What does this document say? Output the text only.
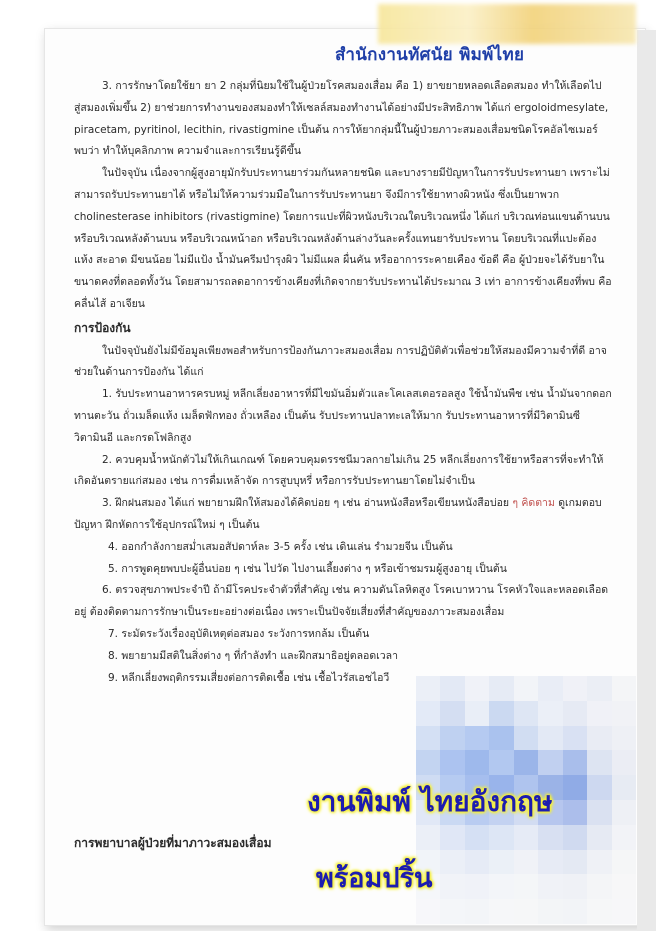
สำนักงานทัศนัย พิมพ์ไทย

3. การรักษาโดยใช้ยา ยา 2 กลุ่มที่นิยมใช้ในผู้ป่วยโรคสมองเสื่อม คือ 1) ยาขยายหลอดเลือดสมอง ทำให้เลือดไปสู่สมองเพิ่มขึ้น 2) ยาช่วยการทำงานของสมองทำให้เซลล์สมองทำงานได้อย่างมีประสิทธิภาพ ได้แก่ ergoloidmesylate, piracetam, pyritinol, lecithin, rivastigmine เป็นต้น การให้ยากลุ่มนี้ในผู้ป่วยภาวะสมองเสื่อมชนิดโรคอัลไซเมอร์ พบว่า ทำให้บุคลิกภาพ ความจำและการเรียนรู้ดีขึ้น

ในปัจจุบัน เนื่องจากผู้สูงอายุมักรับประทานยาร่วมกันหลายชนิด และบางรายมีปัญหาในการรับประทานยา เพราะไม่สามารถรับประทานยาได้ หรือไม่ให้ความร่วมมือในการรับประทานยา จึงมีการใช้ยาทางผิวหนัง ซึ่งเป็นยาพวก cholinesterase inhibitors (rivastigmine) โดยการแปะที่ผิวหนังบริเวณใดบริเวณหนึ่ง ได้แก่ บริเวณท่อนแขนด้านบน หรือบริเวณหลังด้านบน หรือบริเวณหน้าอก หรือบริเวณหลังด้านล่างวันละครั้งแทนยารับประทาน โดยบริเวณที่แปะต้องแห้ง สะอาด มีขนน้อย ไม่มีแป้ง น้ำมันครีมบำรุงผิว ไม่มีแผล ผื่นคัน หรืออาการระคายเคือง ข้อดี คือ ผู้ป่วยจะได้รับยาในขนาดคงที่ตลอดทั้งวัน โดยสามารถลดอาการข้างเคียงที่เกิดจากยารับประทานได้ประมาณ 3 เท่า อาการข้างเคียงที่พบ คือ คลื่นไส้ อาเจียน

การป้องกัน

ในปัจจุบันยังไม่มีข้อมูลเพียงพอสำหรับการป้องกันภาวะสมองเสื่อม การปฏิบัติตัวเพื่อช่วยให้สมองมีความจำที่ดี อาจช่วยในด้านการป้องกัน ได้แก่

1. รับประทานอาหารครบหมู่ หลีกเลี่ยงอาหารที่มีไขมันอิ่มตัวและโคเลสเตอรอลสูง ใช้น้ำมันพืช เช่น น้ำมันจากดอกทานตะวัน ถั่วเมล็ดแห้ง เมล็ดฟักทอง ถั่วเหลือง เป็นต้น รับประทานปลาทะเลให้มาก รับประทานอาหารที่มีวิตามินซี วิตามินอี และกรดโฟลิกสูง

2. ควบคุมน้ำหนักตัวไม่ให้เกินเกณฑ์ โดยควบคุมดรรชนีมวลกายไม่เกิน 25 หลีกเลี่ยงการใช้ยาหรือสารที่จะทำให้เกิดอันตรายแก่สมอง เช่น การดื่มเหล้าจัด การสูบบุหรี่ หรือการรับประทานยาโดยไม่จำเป็น

3. ฝึกฝนสมอง ได้แก่ พยายามฝึกให้สมองได้คิดบ่อย ๆ เช่น อ่านหนังสือหรือเขียนหนังสือบ่อย ๆ คิดตาม ดูเกมตอบปัญหา ฝึกหัดการใช้อุปกรณ์ใหม่ ๆ เป็นต้น

4. ออกกำลังกายสม่ำเสมอสัปดาห์ละ 3-5 ครั้ง เช่น เดินเล่น รำมวยจีน เป็นต้น

5. การพูดคุยพบปะผู้อื่นบ่อย ๆ เช่น ไปวัด ไปงานเลี้ยงต่าง ๆ หรือเข้าชมรมผู้สูงอายุ เป็นต้น

6. ตรวจสุขภาพประจำปี ถ้ามีโรคประจำตัวที่สำคัญ เช่น ความดันโลหิตสูง โรคเบาหวาน โรคหัวใจและหลอดเลือดอยู่ ต้องติดตามการรักษาเป็นระยะอย่างต่อเนื่อง เพราะเป็นปัจจัยเสี่ยงที่สำคัญของภาวะสมองเสื่อม

7. ระมัดระวังเรื่องอุบัติเหตุต่อสมอง ระวังการหกล้ม เป็นต้น

8. พยายามมีสติในสิ่งต่าง ๆ ที่กำลังทำ และฝึกสมาธิอยู่ตลอดเวลา

9. หลีกเลี่ยงพฤติกรรมเสี่ยงต่อการติดเชื้อ เช่น เชื้อไวรัสเอชไอวี

การพยาบาลผู้ป่วยที่มาภาวะสมองเสื่อม
งานพิมพ์ ไทยอังกฤษ
พร้อมปริ้น
